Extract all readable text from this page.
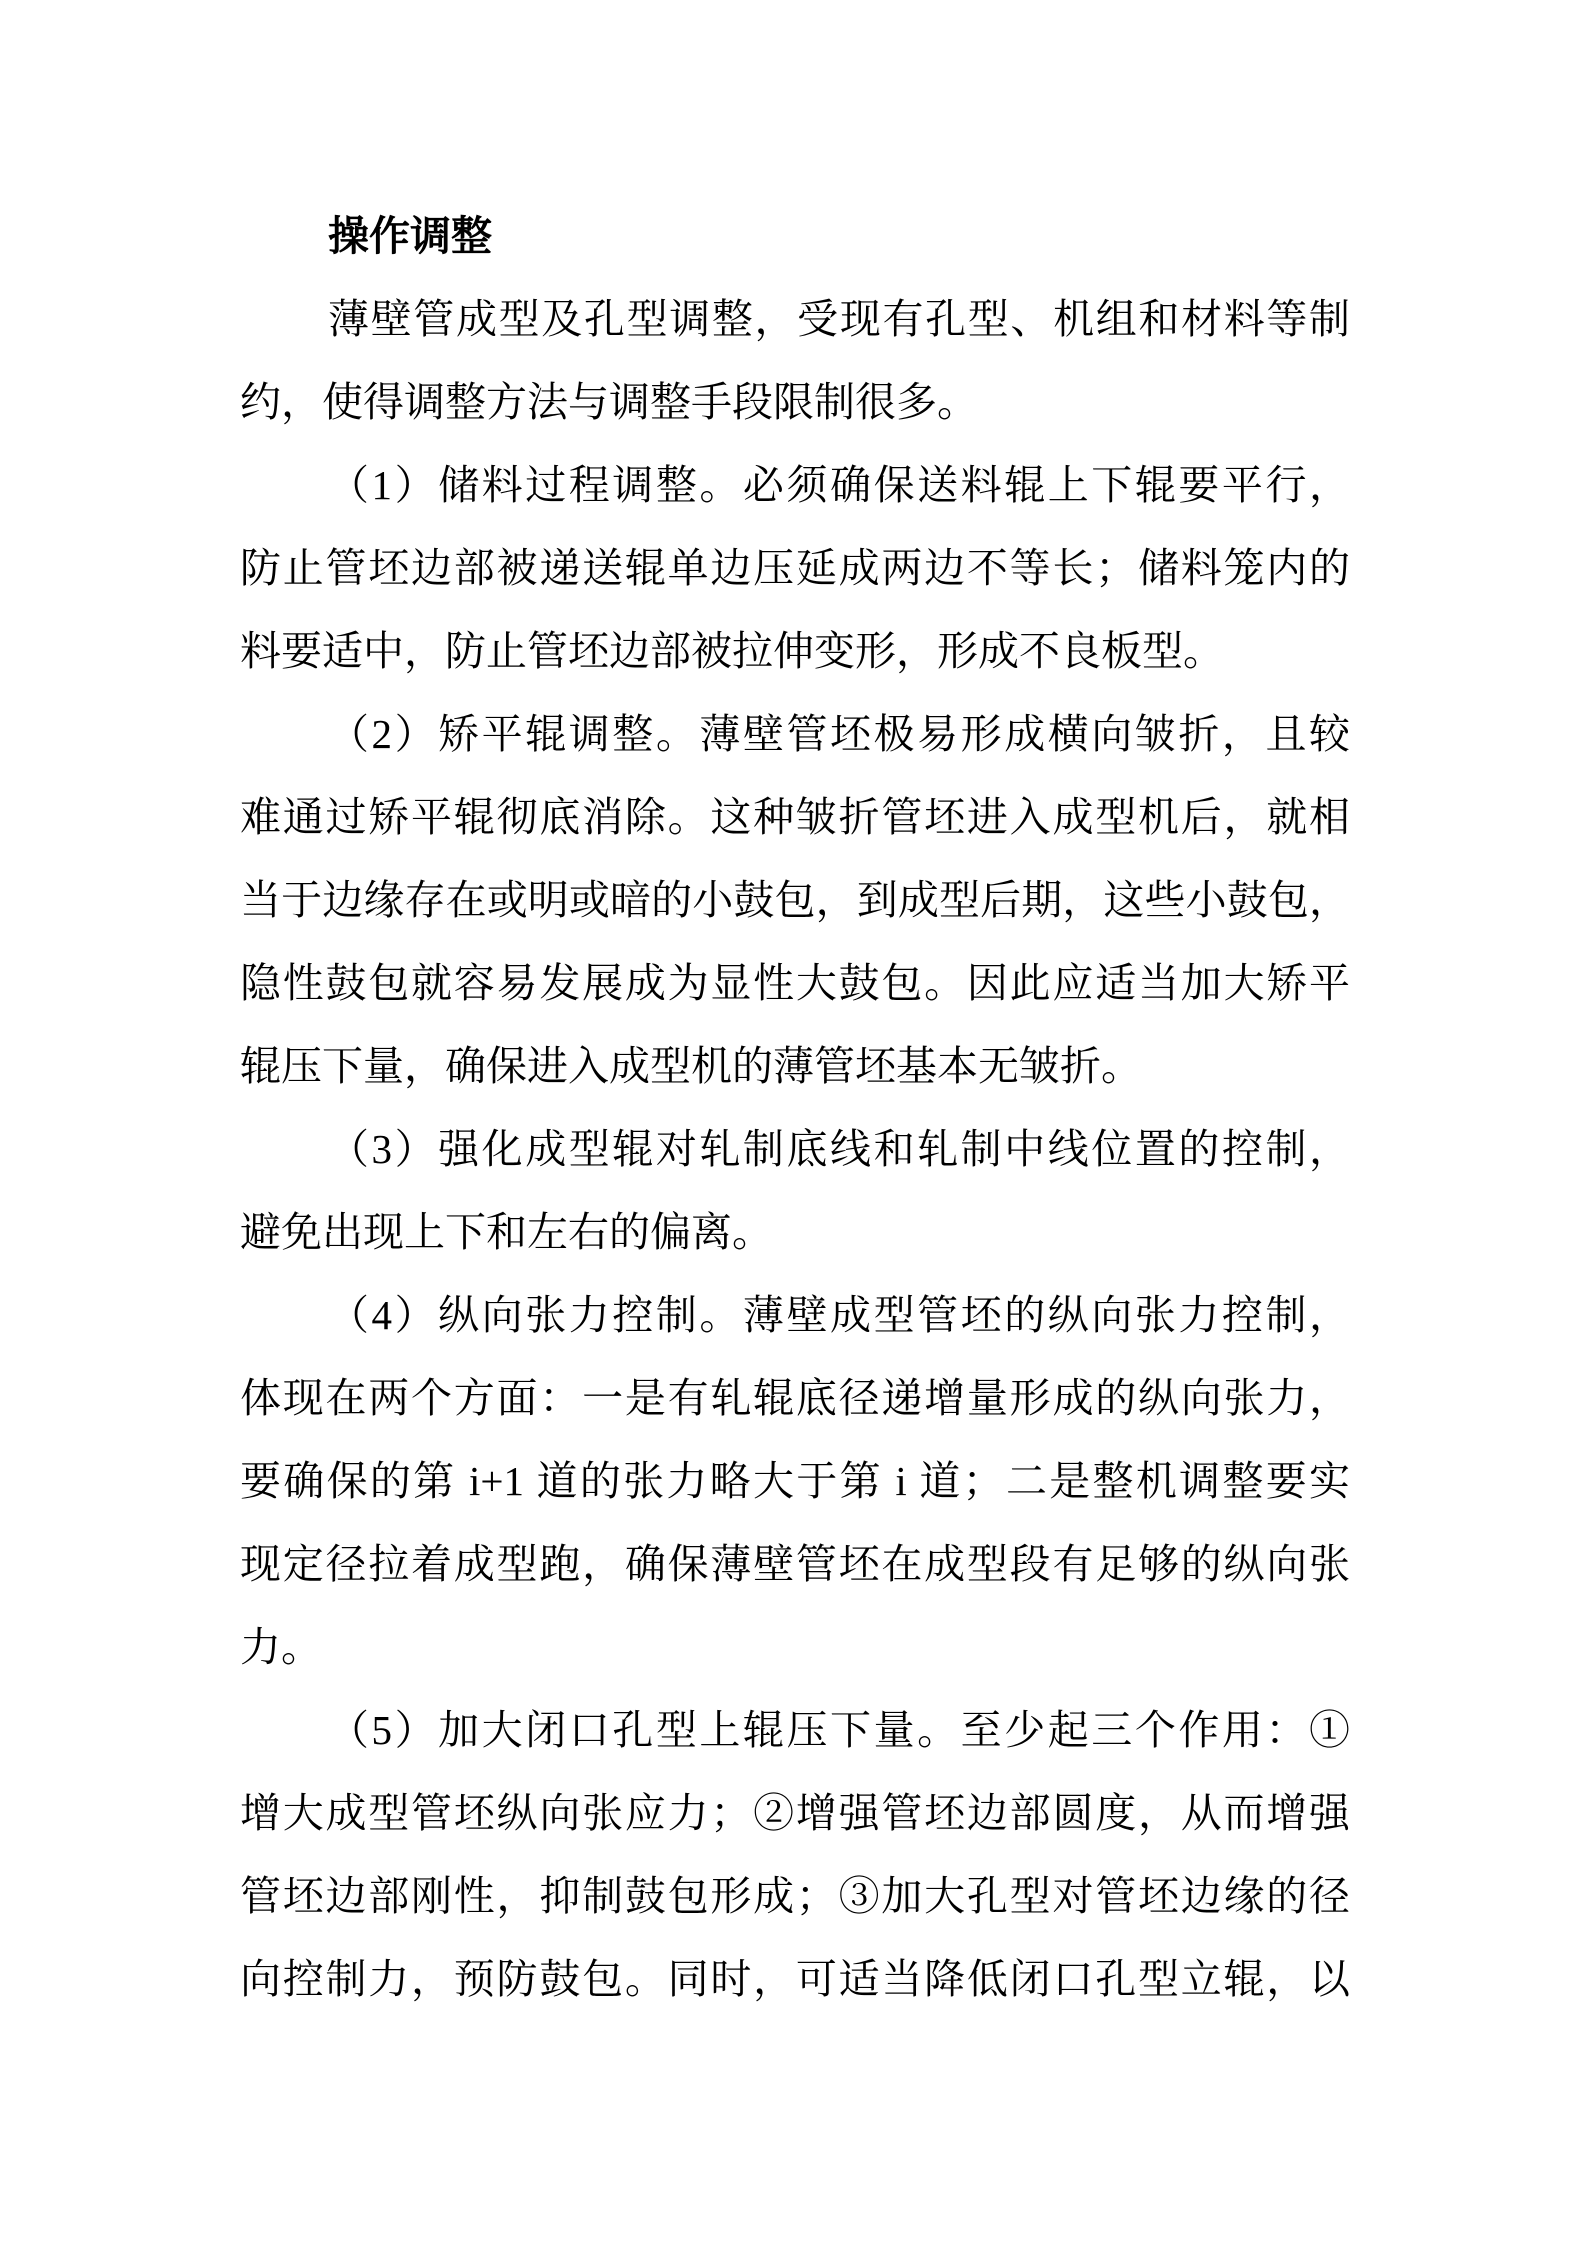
操作调整
薄壁管成型及孔型调整，受现有孔型、机组和材料等制
约，使得调整方法与调整手段限制很多。
（1）储料过程调整。必须确保送料辊上下辊要平行，
防止管坯边部被递送辊单边压延成两边不等长；储料笼内的
料要适中，防止管坯边部被拉伸变形，形成不良板型。
（2）矫平辊调整。薄壁管坯极易形成横向皱折，且较
难通过矫平辊彻底消除。这种皱折管坯进入成型机后，就相
当于边缘存在或明或暗的小鼓包，到成型后期，这些小鼓包，
隐性鼓包就容易发展成为显性大鼓包。因此应适当加大矫平
辊压下量，确保进入成型机的薄管坯基本无皱折。
（3）强化成型辊对轧制底线和轧制中线位置的控制，
避免出现上下和左右的偏离。
（4）纵向张力控制。薄壁成型管坯的纵向张力控制，
体现在两个方面：一是有轧辊底径递增量形成的纵向张力，
要确保的第 i+1 道的张力略大于第 i 道；二是整机调整要实
现定径拉着成型跑，确保薄壁管坯在成型段有足够的纵向张
力。
（5）加大闭口孔型上辊压下量。至少起三个作用：①
增大成型管坯纵向张应力；②增强管坯边部圆度，从而增强
管坯边部刚性，抑制鼓包形成；③加大孔型对管坯边缘的径
向控制力，预防鼓包。同时，可适当降低闭口孔型立辊，以
